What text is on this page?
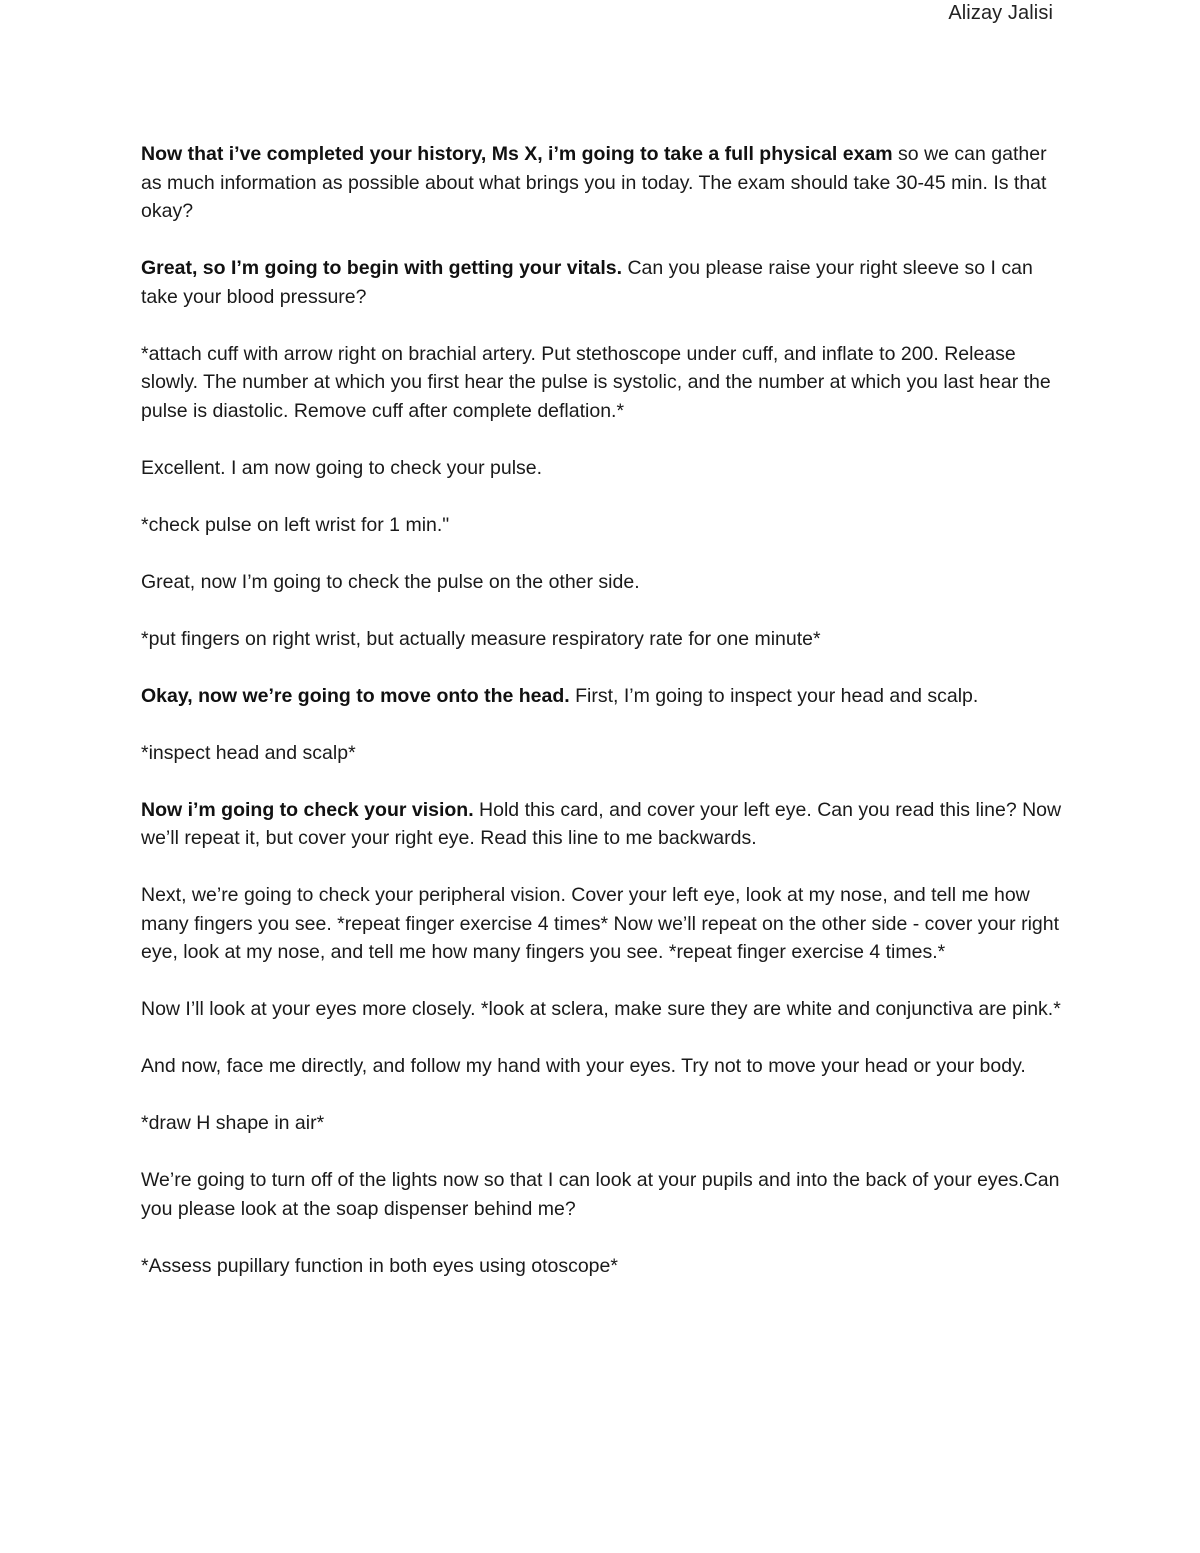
Alizay Jalisi

Now that i’ve completed your history, Ms X, i’m going to take a full physical exam so we can gather as much information as possible about what brings you in today. The exam should take 30-45 min. Is that okay?

Great, so I’m going to begin with getting your vitals. Can you please raise your right sleeve so I can take your blood pressure?

*attach cuff with arrow right on brachial artery. Put stethoscope under cuff, and inflate to 200. Release slowly. The number at which you first hear the pulse is systolic, and the number at which you last hear the pulse is diastolic. Remove cuff after complete deflation.*

Excellent. I am now going to check your pulse.

*check pulse on left wrist for 1 min."

Great, now I’m going to check the pulse on the other side.

*put fingers on right wrist, but actually measure respiratory rate for one minute*

Okay, now we’re going to move onto the head. First, I’m going to inspect your head and scalp.

*inspect head and scalp*

Now i’m going to check your vision. Hold this card, and cover your left eye. Can you read this line? Now we’ll repeat it, but cover your right eye. Read this line to me backwards.

Next, we’re going to check your peripheral vision. Cover your left eye, look at my nose, and tell me how many fingers you see. *repeat finger exercise 4 times* Now we’ll repeat on the other side - cover your right eye, look at my nose, and tell me how many fingers you see. *repeat finger exercise 4 times.*

Now I’ll look at your eyes more closely. *look at sclera, make sure they are white and conjunctiva are pink.*

And now, face me directly, and follow my hand with your eyes. Try not to move your head or your body.

*draw H shape in air*

We’re going to turn off of the lights now so that I can look at your pupils and into the back of your eyes.Can you please look at the soap dispenser behind me?

*Assess pupillary function in both eyes using otoscope*
